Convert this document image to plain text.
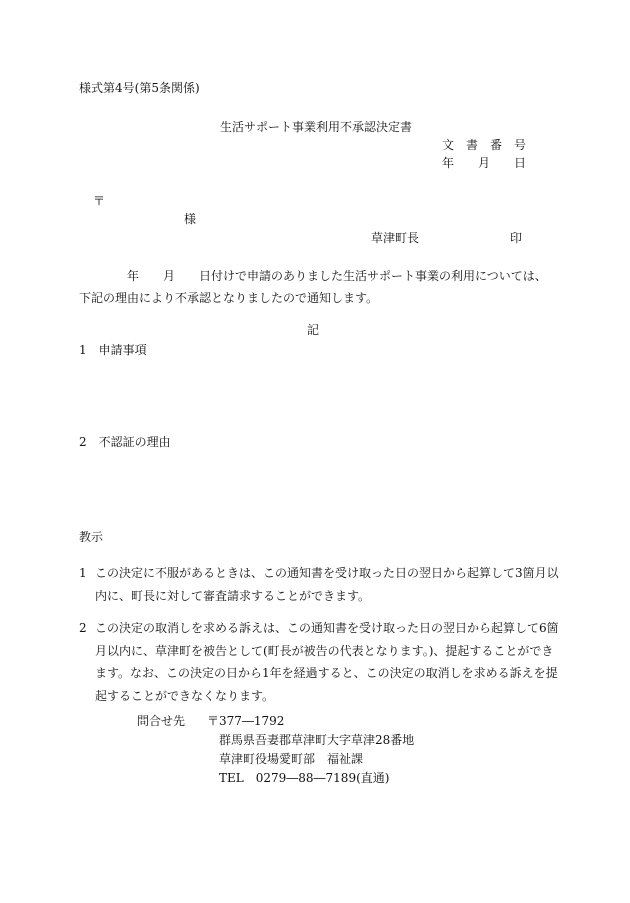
様式第4号(第5条関係)
生活サポート事業利用不承認決定書
文　書　番　号
年　　月　　日
〒
様
草津町長	印
　　　　年　　月　　日付けで申請のありました生活サポート事業の利用については、下記の理由により不承認となりましたので通知します。
記
1　申請事項
2　不認証の理由
教示
1 この決定に不服があるときは、この通知書を受け取った日の翌日から起算して3箇月以内に、町長に対して審査請求することができます。
2 この決定の取消しを求める訴えは、この通知書を受け取った日の翌日から起算して6箇月以内に、草津町を被告として(町長が被告の代表となります。)、提起することができます。なお、この決定の日から1年を経過すると、この決定の取消しを求める訴えを提起することができなくなります。
問合せ先 〒377―1792
群馬県吾妻郡草津町大字草津28番地
草津町役場愛町部　福祉課
TEL　0279―88―7189(直通)
